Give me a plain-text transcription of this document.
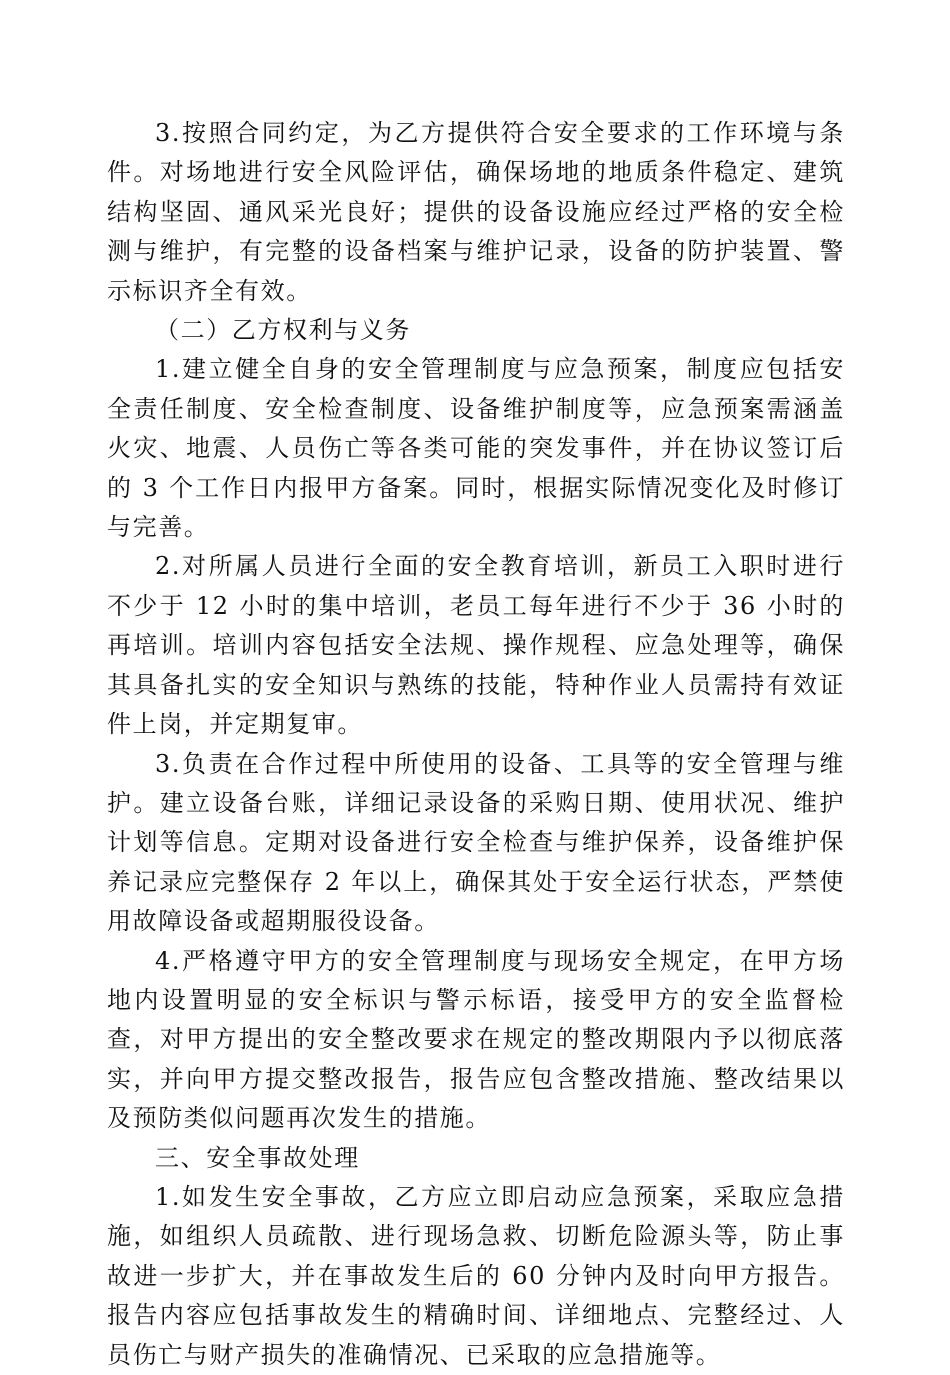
3.按照合同约定，为乙方提供符合安全要求的工作环境与条件。对场地进行安全风险评估，确保场地的地质条件稳定、建筑结构坚固、通风采光良好；提供的设备设施应经过严格的安全检测与维护，有完整的设备档案与维护记录，设备的防护装置、警示标识齐全有效。

（二）乙方权利与义务

1.建立健全自身的安全管理制度与应急预案，制度应包括安全责任制度、安全检查制度、设备维护制度等，应急预案需涵盖火灾、地震、人员伤亡等各类可能的突发事件，并在协议签订后的 3 个工作日内报甲方备案。同时，根据实际情况变化及时修订与完善。

2.对所属人员进行全面的安全教育培训，新员工入职时进行不少于 12 小时的集中培训，老员工每年进行不少于 36 小时的再培训。培训内容包括安全法规、操作规程、应急处理等，确保其具备扎实的安全知识与熟练的技能，特种作业人员需持有效证件上岗，并定期复审。

3.负责在合作过程中所使用的设备、工具等的安全管理与维护。建立设备台账，详细记录设备的采购日期、使用状况、维护计划等信息。定期对设备进行安全检查与维护保养，设备维护保养记录应完整保存 2 年以上，确保其处于安全运行状态，严禁使用故障设备或超期服役设备。

4.严格遵守甲方的安全管理制度与现场安全规定，在甲方场地内设置明显的安全标识与警示标语，接受甲方的安全监督检查，对甲方提出的安全整改要求在规定的整改期限内予以彻底落实，并向甲方提交整改报告，报告应包含整改措施、整改结果以及预防类似问题再次发生的措施。

三、安全事故处理

1.如发生安全事故，乙方应立即启动应急预案，采取应急措施，如组织人员疏散、进行现场急救、切断危险源头等，防止事故进一步扩大，并在事故发生后的 60 分钟内及时向甲方报告。报告内容应包括事故发生的精确时间、详细地点、完整经过、人员伤亡与财产损失的准确情况、已采取的应急措施等。
